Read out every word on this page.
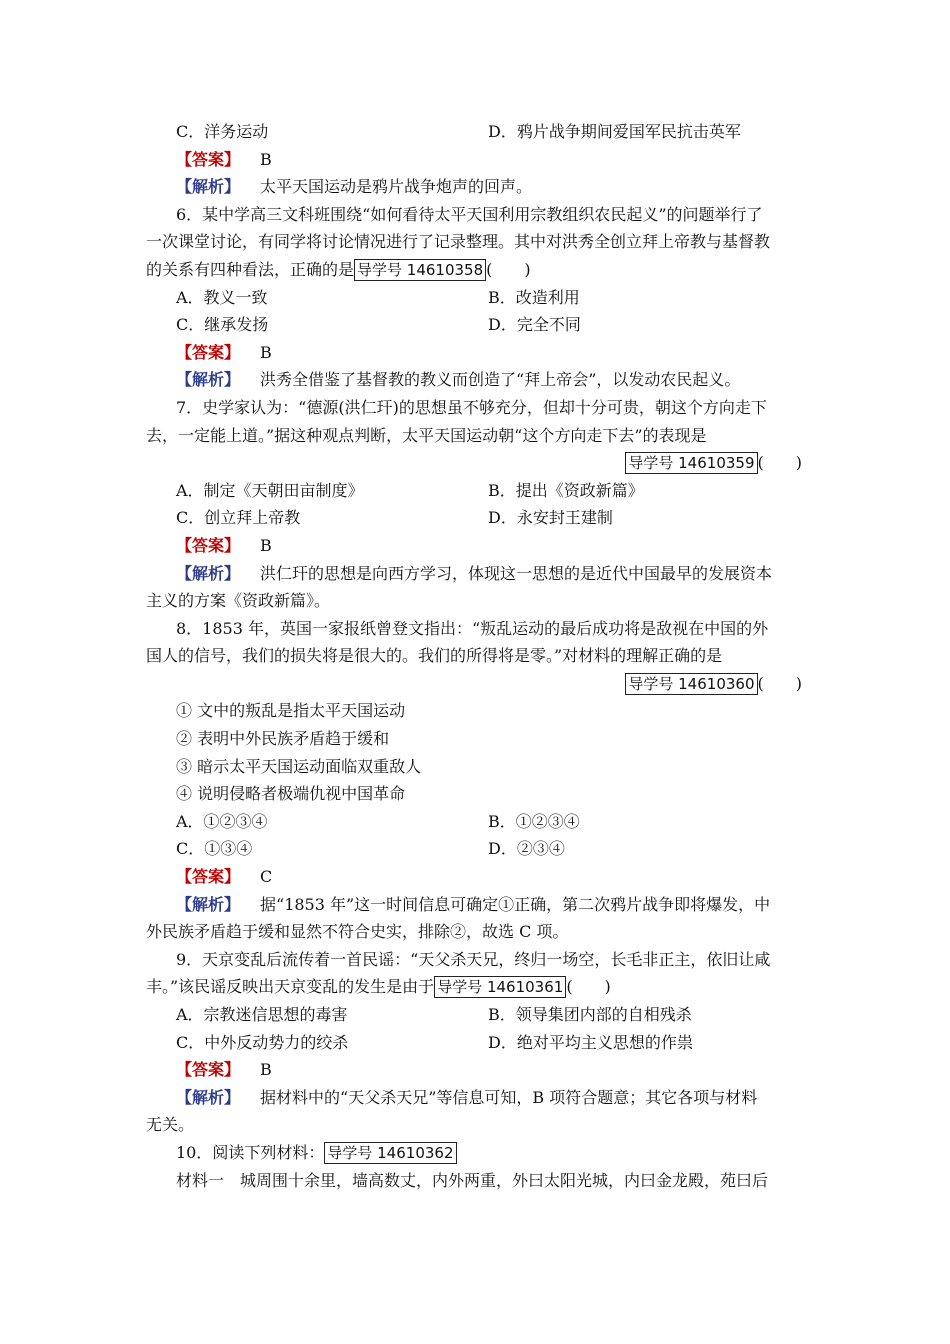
C．洋务运动	D．鸦片战争期间爱国军民抗击英军
【答案】 B
【解析】 太平天国运动是鸦片战争炮声的回声。
6．某中学高三文科班围绕“如何看待太平天国利用宗教组织农民起义”的问题举行了
一次课堂讨论，有同学将讨论情况进行了记录整理。其中对洪秀全创立拜上帝教与基督教
的关系有四种看法，正确的是 导学号 14610358 (　　)
A．教义一致	B．改造利用
C．继承发扬	D．完全不同
【答案】 B
【解析】 洪秀全借鉴了基督教的教义而创造了“拜上帝会”，以发动农民起义。
7．史学家认为：“德源(洪仁玕)的思想虽不够充分，但却十分可贵，朝这个方向走下
去，一定能上道。”据这种观点判断，太平天国运动朝“这个方向走下去”的表现是
导学号 14610359 (　　)
A．制定《天朝田亩制度》	B．提出《资政新篇》
C．创立拜上帝教	D．永安封王建制
【答案】 B
【解析】 洪仁玕的思想是向西方学习，体现这一思想的是近代中国最早的发展资本
主义的方案《资政新篇》。
8．1853 年，英国一家报纸曾登文指出：“叛乱运动的最后成功将是敌视在中国的外
国人的信号，我们的损失将是很大的。我们的所得将是零。”对材料的理解正确的是
导学号 14610360 (　　)
① 文中的叛乱是指太平天国运动
② 表明中外民族矛盾趋于缓和
③ 暗示太平天国运动面临双重敌人
④ 说明侵略者极端仇视中国革命
A．①②③④	B．①②③④
C．①③④	D．②③④
【答案】 C
【解析】 据“1853 年”这一时间信息可确定①正确，第二次鸦片战争即将爆发，中
外民族矛盾趋于缓和显然不符合史实，排除②，故选 C 项。
9．天京变乱后流传着一首民谣：“天父杀天兄，终归一场空，长毛非正主，依旧让咸
丰。”该民谣反映出天京变乱的发生是由于 导学号 14610361 (　　)
A．宗教迷信思想的毒害	B．领导集团内部的自相残杀
C．中外反动势力的绞杀	D．绝对平均主义思想的作祟
【答案】 B
【解析】 据材料中的“天父杀天兄”等信息可知，B 项符合题意；其它各项与材料
无关。
10．阅读下列材料： 导学号 14610362
材料一　城周围十余里，墙高数丈，内外两重，外曰太阳光城，内曰金龙殿，苑曰后
